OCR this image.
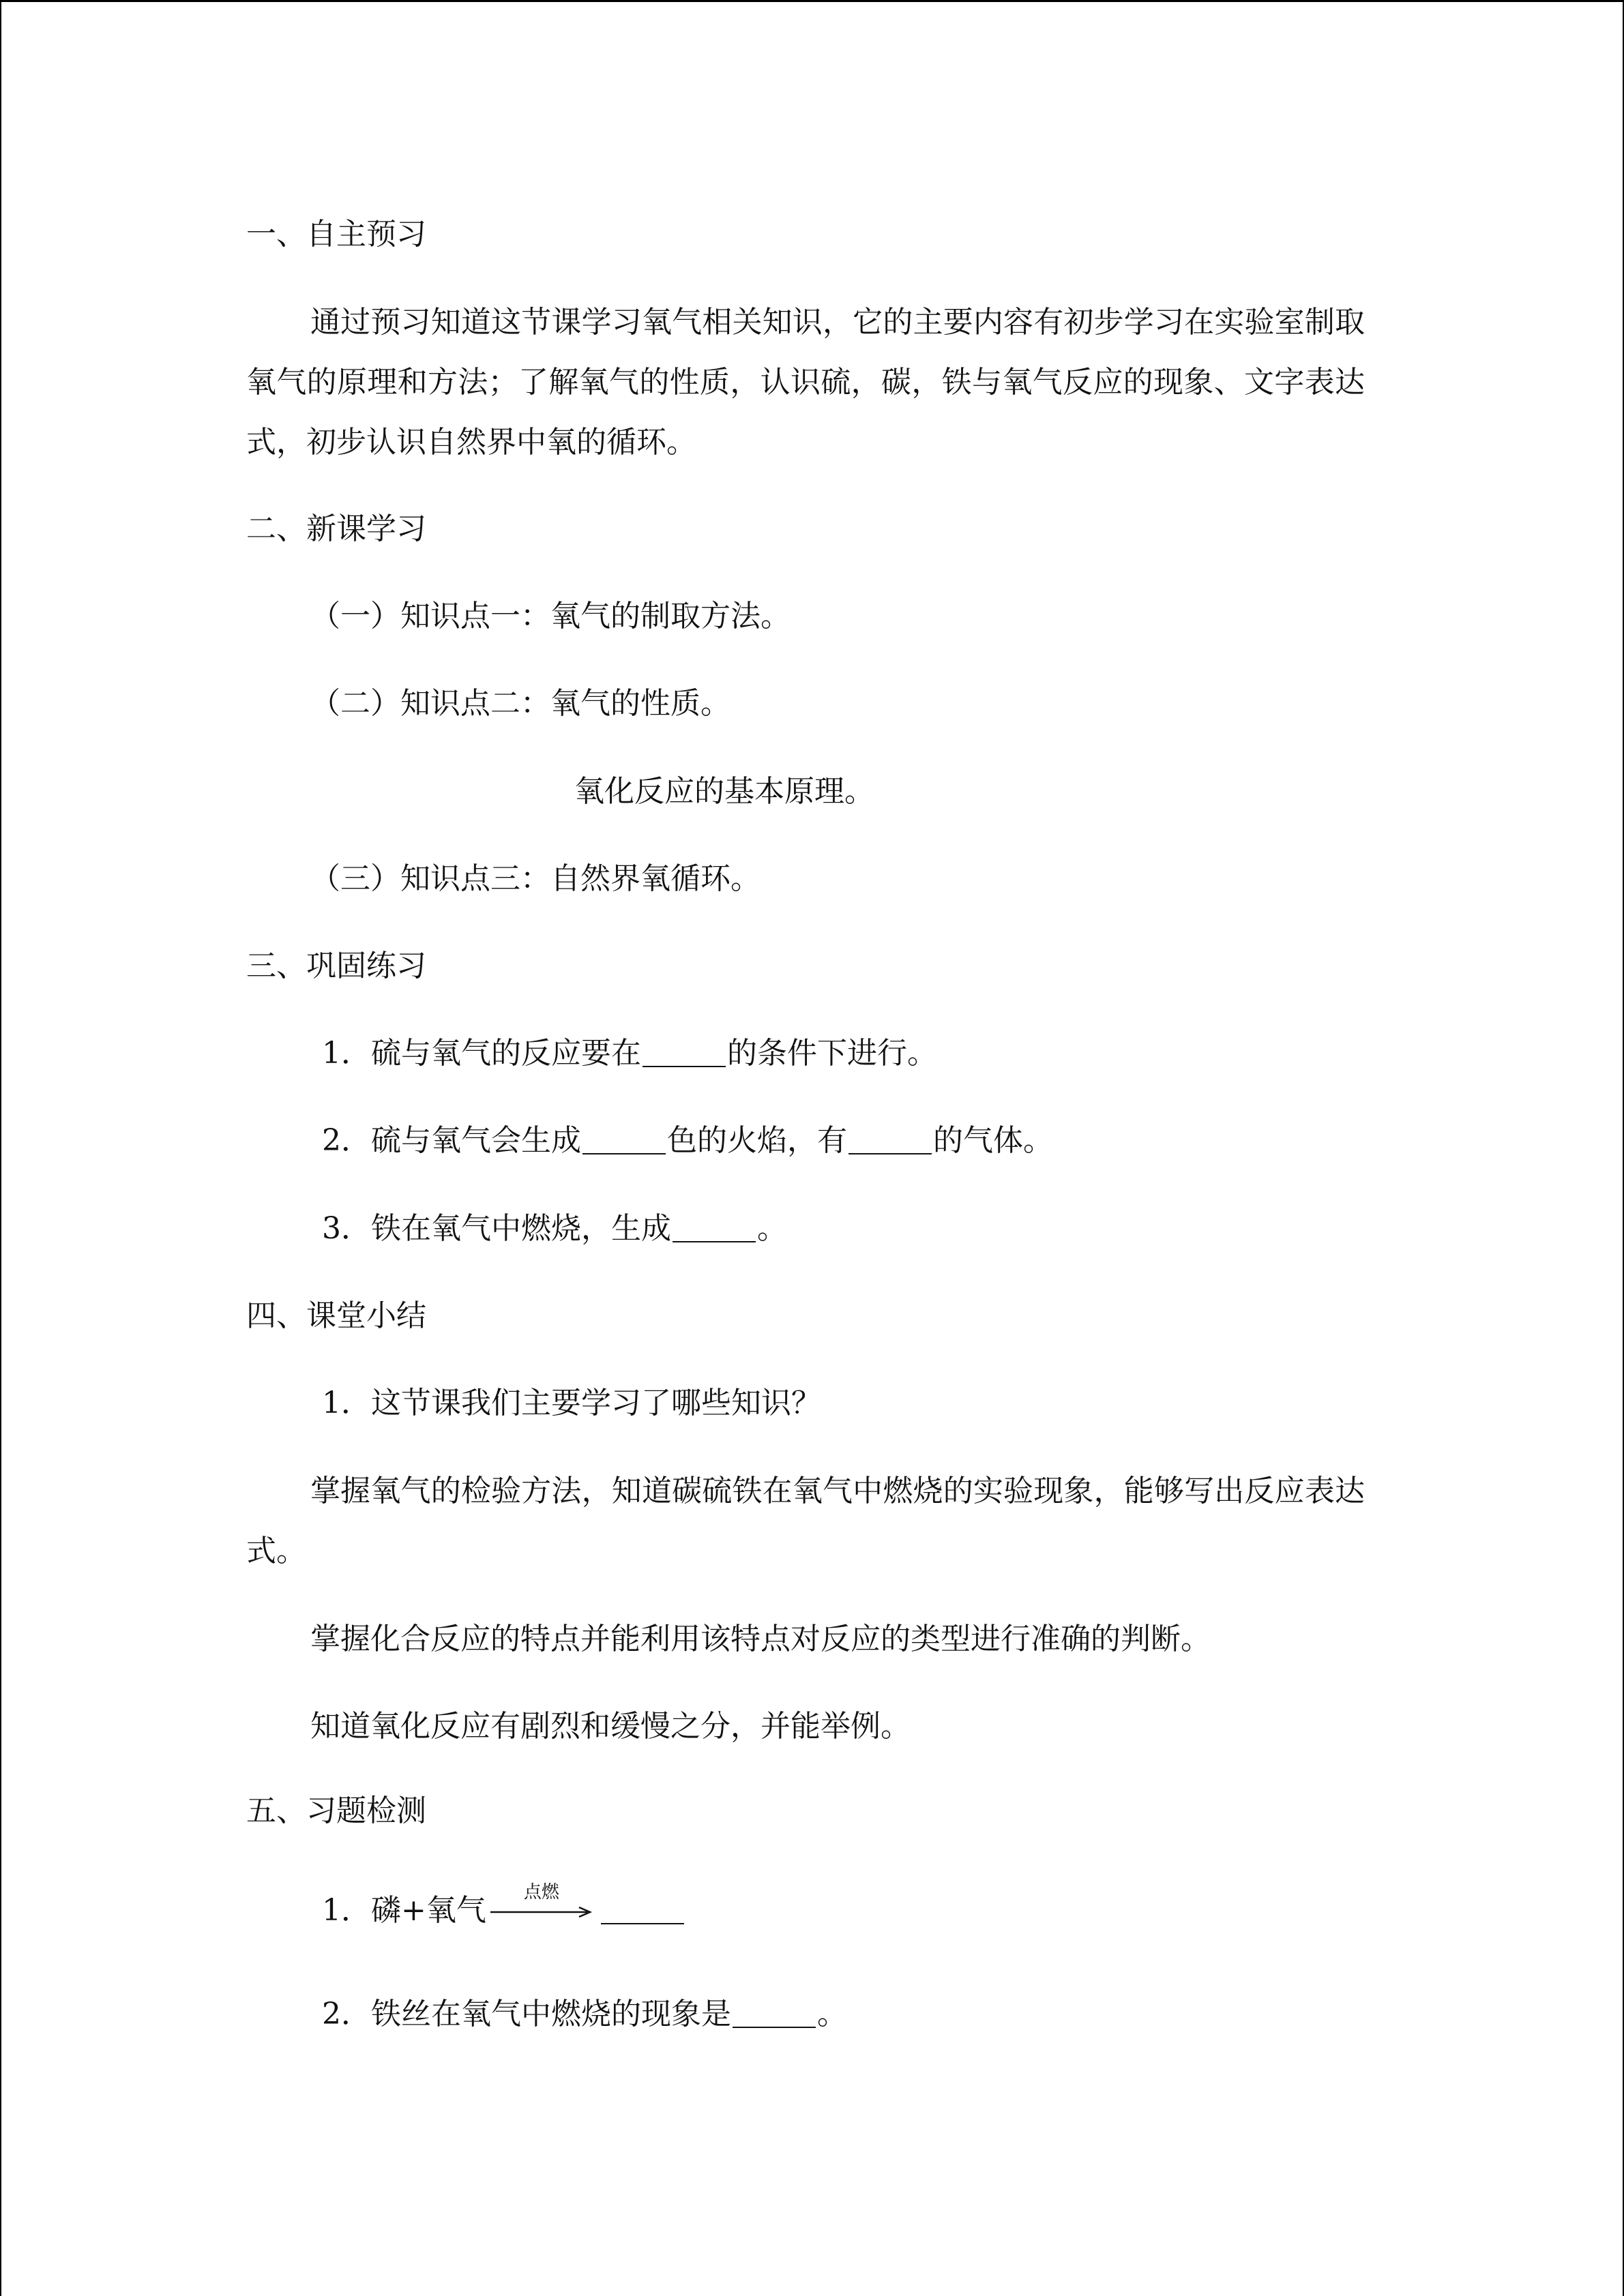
一、自主预习
通过预习知道这节课学习氧气相关知识，它的主要内容有初步学习在实验室制取氧气的原理和方法；了解氧气的性质，认识硫，碳，铁与氧气反应的现象、文字表达式，初步认识自然界中氧的循环。
二、新课学习
（一）知识点一：氧气的制取方法。
（二）知识点二：氧气的性质。
氧化反应的基本原理。
（三）知识点三：自然界氧循环。
三、巩固练习
1．硫与氧气的反应要在	的条件下进行。
2．硫与氧气会生成	色的火焰，有	的气体。
3．铁在氧气中燃烧，生成	。
四、课堂小结
1．这节课我们主要学习了哪些知识？
掌握氧气的检验方法，知道碳硫铁在氧气中燃烧的实验现象，能够写出反应表达式。
掌握化合反应的特点并能利用该特点对反应的类型进行准确的判断。
知道氧化反应有剧烈和缓慢之分，并能举例。
五、习题检测
1．磷+氧气
点燃
2．铁丝在氧气中燃烧的现象是	。
